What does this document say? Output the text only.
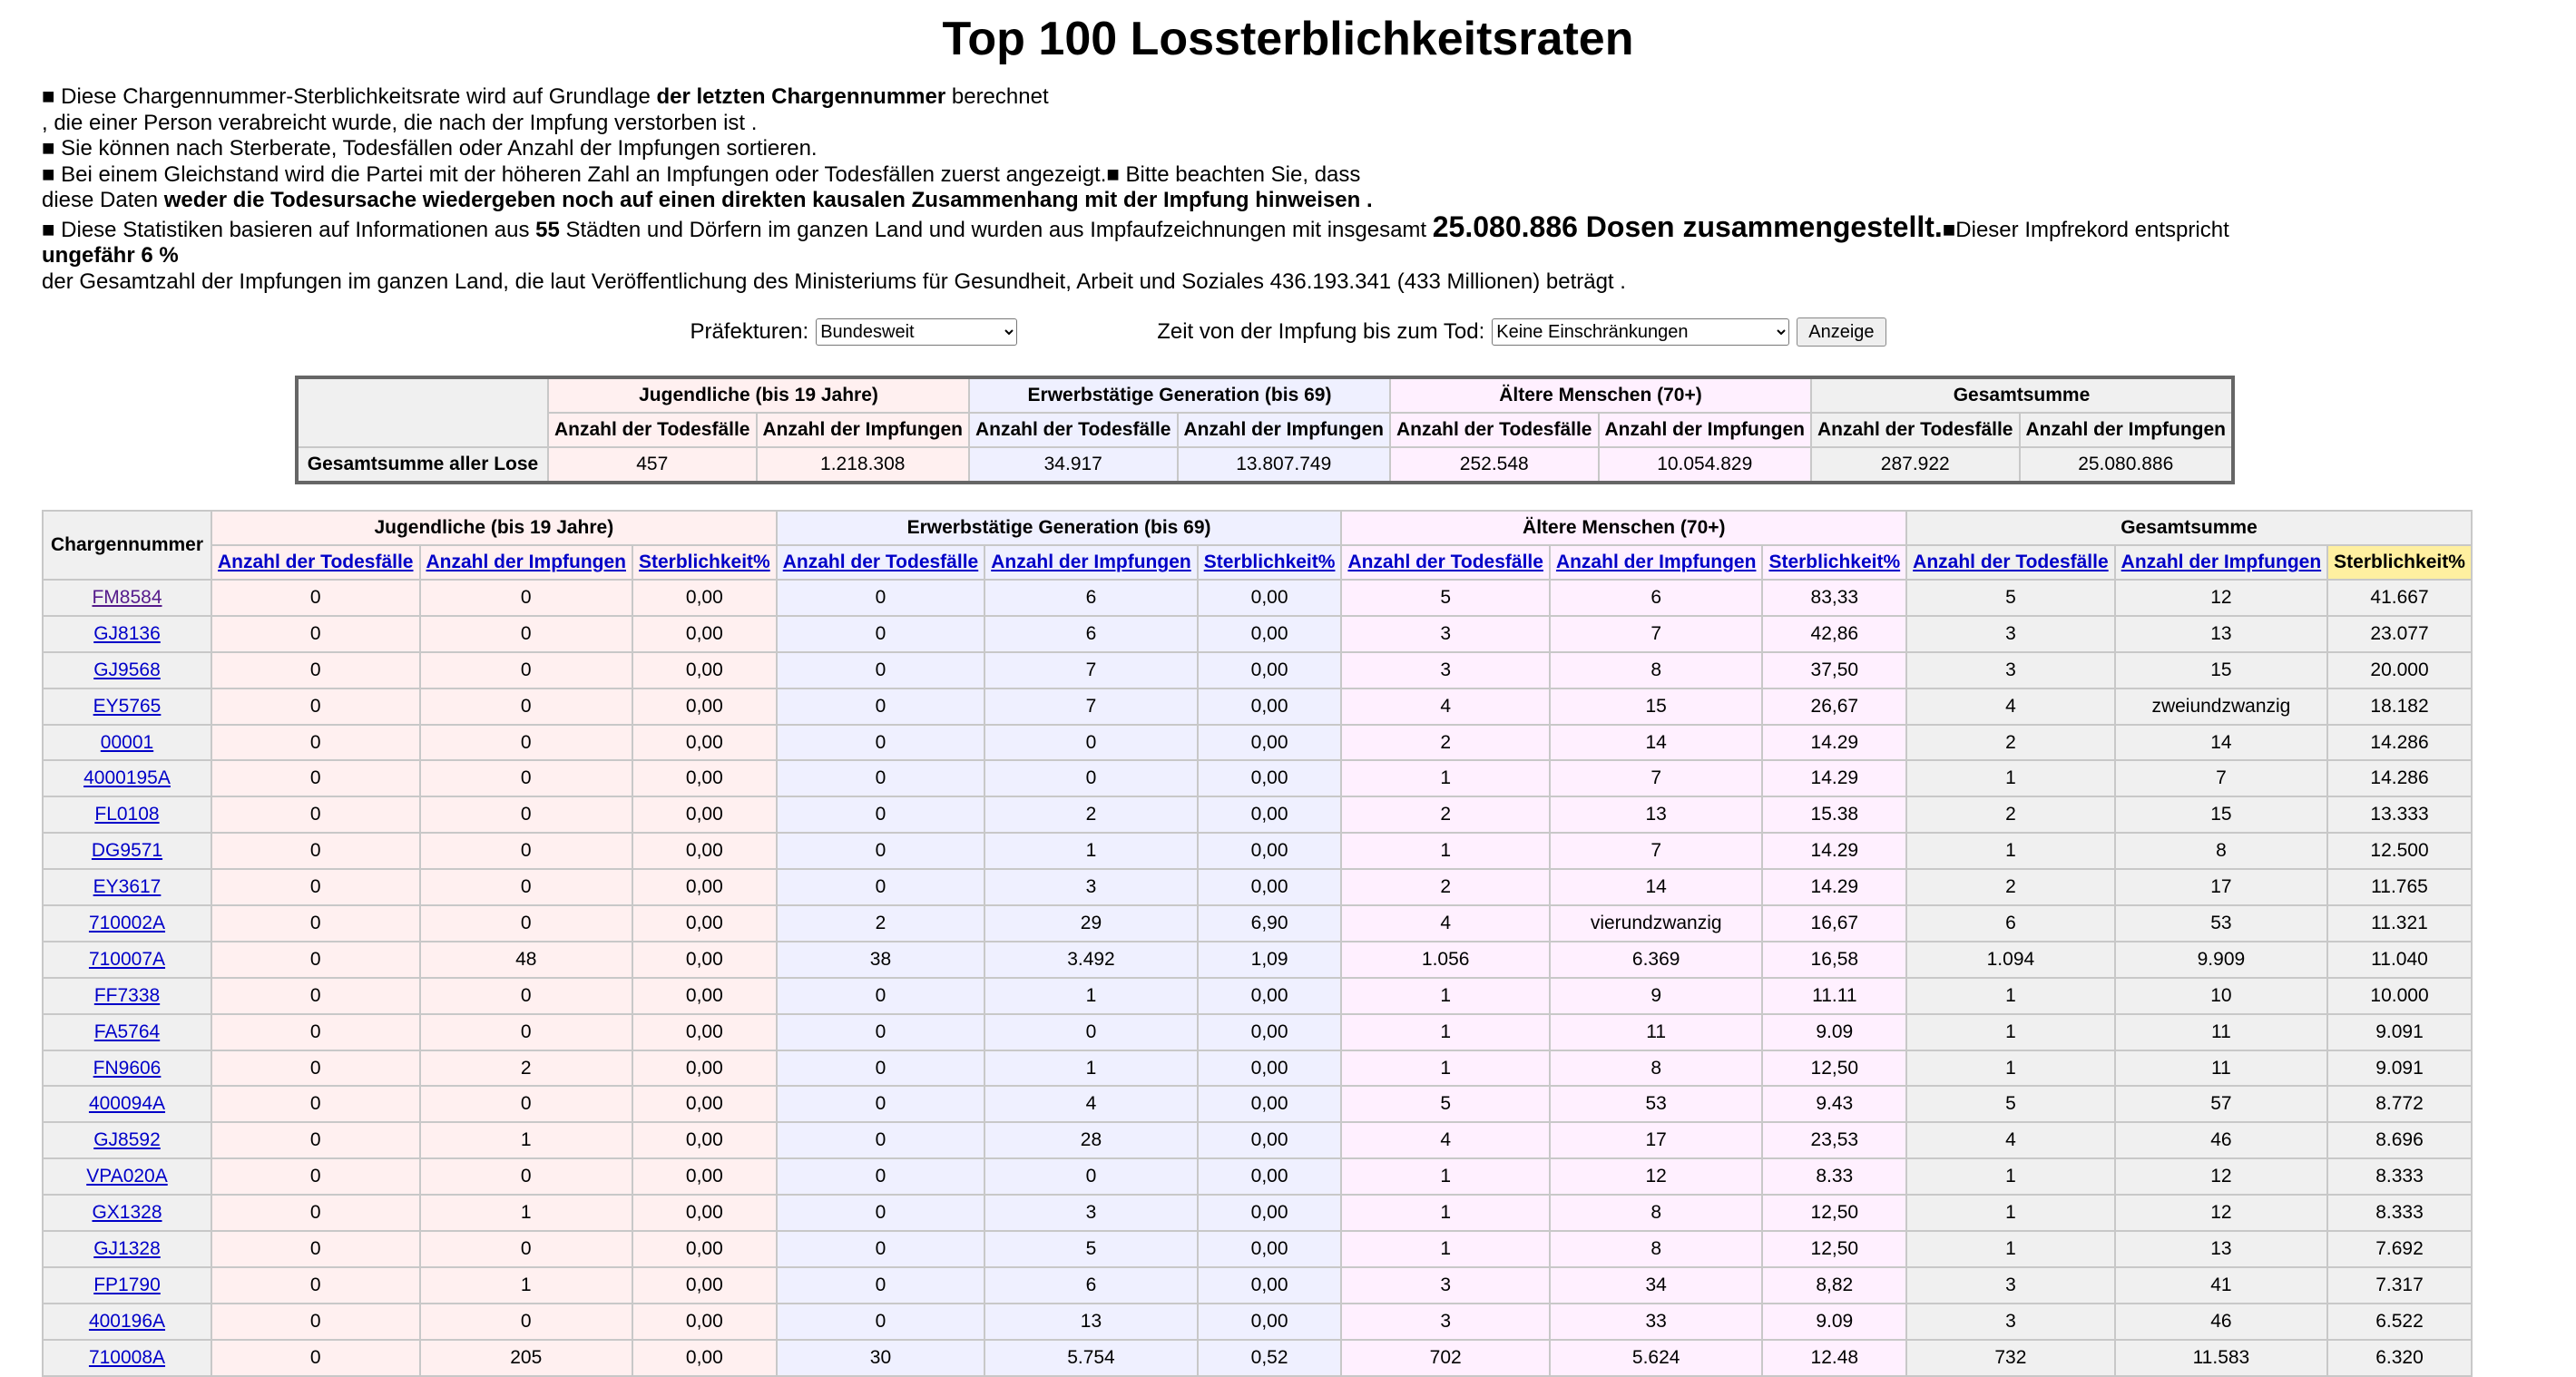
Top 100 Lossterblichkeitsraten

■ Diese Chargennummer-Sterblichkeitsrate wird auf Grundlage der letzten Chargennummer berechnet

, die einer Person verabreicht wurde, die nach der Impfung verstorben ist .

■ Sie können nach Sterberate, Todesfällen oder Anzahl der Impfungen sortieren.

■ Bei einem Gleichstand wird die Partei mit der höheren Zahl an Impfungen oder Todesfällen zuerst angezeigt.■ Bitte beachten Sie, dass

diese Daten weder die Todesursache wiedergeben noch auf einen direkten kausalen Zusammenhang mit der Impfung hinweisen .

■ Diese Statistiken basieren auf Informationen aus 55 Städten und Dörfern im ganzen Land und wurden aus Impfaufzeichnungen mit insgesamt 25.080.886 Dosen zusammengestellt.■Dieser Impfrekord entspricht

ungefähr 6 %

der Gesamtzahl der Impfungen im ganzen Land, die laut Veröffentlichung des Ministeriums für Gesundheit, Arbeit und Soziales 436.193.341 (433 Millionen) beträgt .

Präfekturen:
Bundesweit	Zeit von der Impfung bis zum Tod:
Keine Einschränkungen	Anzeige
	Jugendliche (bis 19 Jahre)		Erwerbstätige Generation (bis 69)		Ältere Menschen (70+)		Gesamtsumme	
	Anzahl der Todesfälle	Anzahl der Impfungen	Anzahl der Todesfälle	Anzahl der Impfungen	Anzahl der Todesfälle	Anzahl der Impfungen	Anzahl der Todesfälle	Anzahl der Impfungen
Gesamtsumme aller Lose	457	1.218.308	34.917	13.807.749	252.548	10.054.829	287.922	25.080.886
Chargennummer	Jugendliche (bis 19 Jahre)			Erwerbstätige Generation (bis 69)			Ältere Menschen (70+)			Gesamtsumme		
	Anzahl der Todesfälle	Anzahl der Impfungen	Sterblichkeit%	Anzahl der Todesfälle	Anzahl der Impfungen	Sterblichkeit%	Anzahl der Todesfälle	Anzahl der Impfungen	Sterblichkeit%	Anzahl der Todesfälle	Anzahl der Impfungen	Sterblichkeit%
FM8584	0	0	0,00	0	6	0,00	5	6	83,33	5	12	41.667
GJ8136	0	0	0,00	0	6	0,00	3	7	42,86	3	13	23.077
GJ9568	0	0	0,00	0	7	0,00	3	8	37,50	3	15	20.000
EY5765	0	0	0,00	0	7	0,00	4	15	26,67	4	zweiundzwanzig	18.182
00001	0	0	0,00	0	0	0,00	2	14	14.29	2	14	14.286
4000195A	0	0	0,00	0	0	0,00	1	7	14.29	1	7	14.286
FL0108	0	0	0,00	0	2	0,00	2	13	15.38	2	15	13.333
DG9571	0	0	0,00	0	1	0,00	1	7	14.29	1	8	12.500
EY3617	0	0	0,00	0	3	0,00	2	14	14.29	2	17	11.765
710002A	0	0	0,00	2	29	6,90	4	vierundzwanzig	16,67	6	53	11.321
710007A	0	48	0,00	38	3.492	1,09	1.056	6.369	16,58	1.094	9.909	11.040
FF7338	0	0	0,00	0	1	0,00	1	9	11.11	1	10	10.000
FA5764	0	0	0,00	0	0	0,00	1	11	9.09	1	11	9.091
FN9606	0	2	0,00	0	1	0,00	1	8	12,50	1	11	9.091
400094A	0	0	0,00	0	4	0,00	5	53	9.43	5	57	8.772
GJ8592	0	1	0,00	0	28	0,00	4	17	23,53	4	46	8.696
VPA020A	0	0	0,00	0	0	0,00	1	12	8.33	1	12	8.333
GX1328	0	1	0,00	0	3	0,00	1	8	12,50	1	12	8.333
GJ1328	0	0	0,00	0	5	0,00	1	8	12,50	1	13	7.692
FP1790	0	1	0,00	0	6	0,00	3	34	8,82	3	41	7.317
400196A	0	0	0,00	0	13	0,00	3	33	9.09	3	46	6.522
710008A	0	205	0,00	30	5.754	0,52	702	5.624	12.48	732	11.583	6.320
